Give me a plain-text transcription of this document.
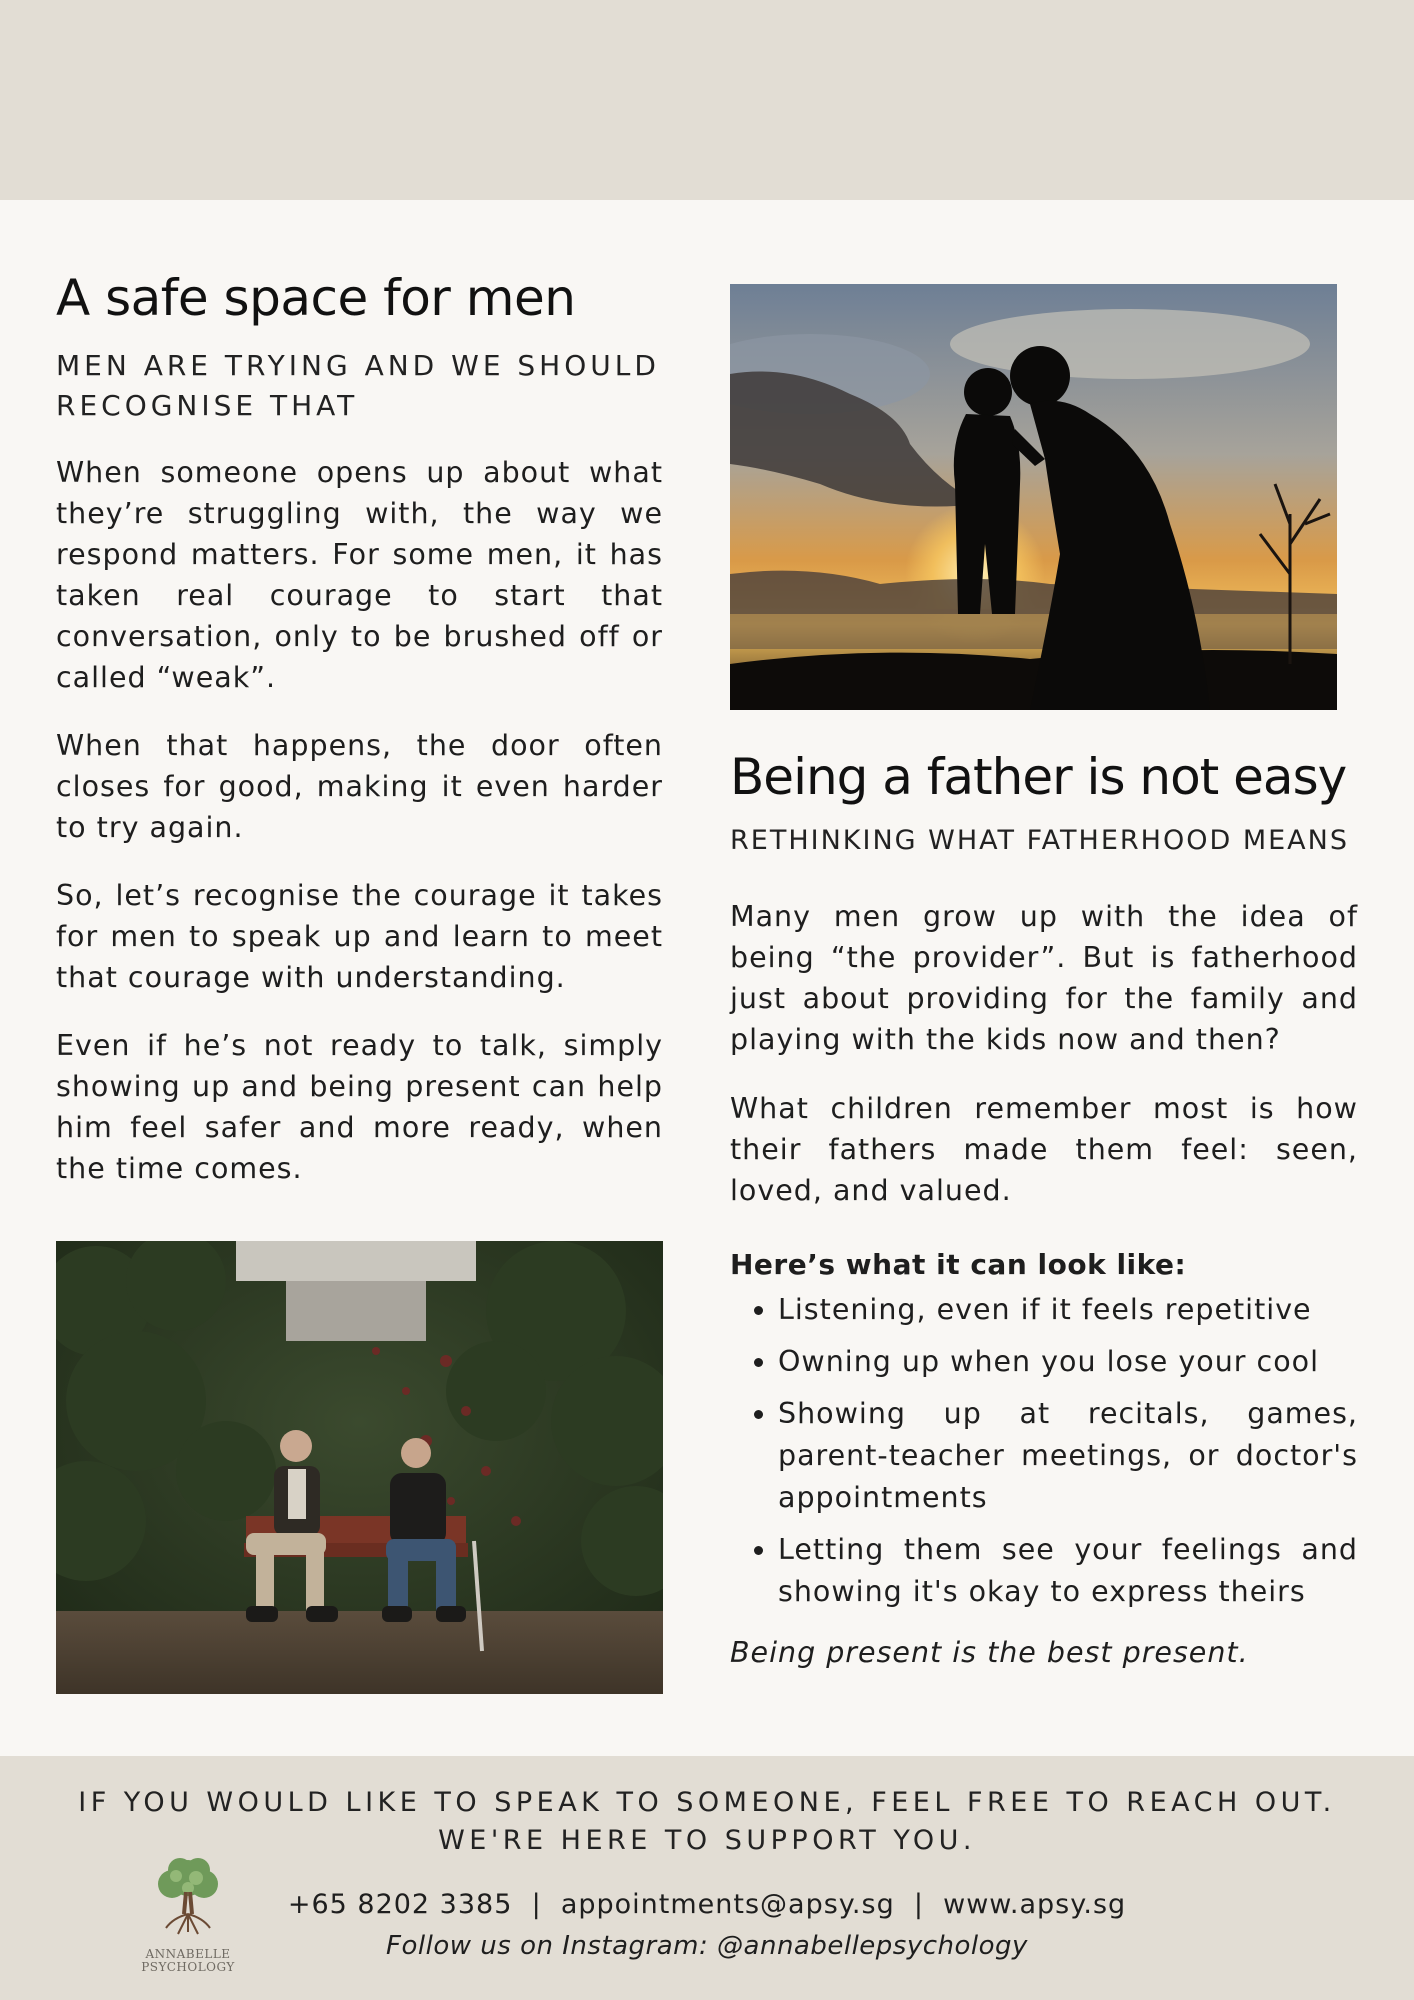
A safe space for men
MEN ARE TRYING AND WE SHOULD
RECOGNISE THAT

When someone opens up about what they’re struggling with, the way we respond matters. For some men, it has taken real courage to start that conversation, only to be brushed off or called “weak”.

When that happens, the door often closes for good, making it even harder to try again.

So, let’s recognise the courage it takes for men to speak up and learn to meet that courage with understanding.

Even if he’s not ready to talk, simply showing up and being present can help him feel safer and more ready, when the time comes.

Being a father is not easy
RETHINKING WHAT FATHERHOOD MEANS

Many men grow up with the idea of being “the provider”. But is fatherhood just about providing for the family and playing with the kids now and then?

What children remember most is how their fathers made them feel: seen, loved, and valued.

Here’s what it can look like:

Listening, even if it feels repetitive
Owning up when you lose your cool
Showing up at recitals, games, parent-teacher meetings, or doctor's appointments
Letting them see your feelings and showing it's okay to express theirs

Being present is the best present.

IF YOU WOULD LIKE TO SPEAK TO SOMEONE, FEEL FREE TO REACH OUT.
WE'RE HERE TO SUPPORT YOU.
ANNABELLE
PSYCHOLOGY
+65 8202 3385  |  appointments@apsy.sg  |  www.apsy.sg
Follow us on Instagram: @annabellepsychology
